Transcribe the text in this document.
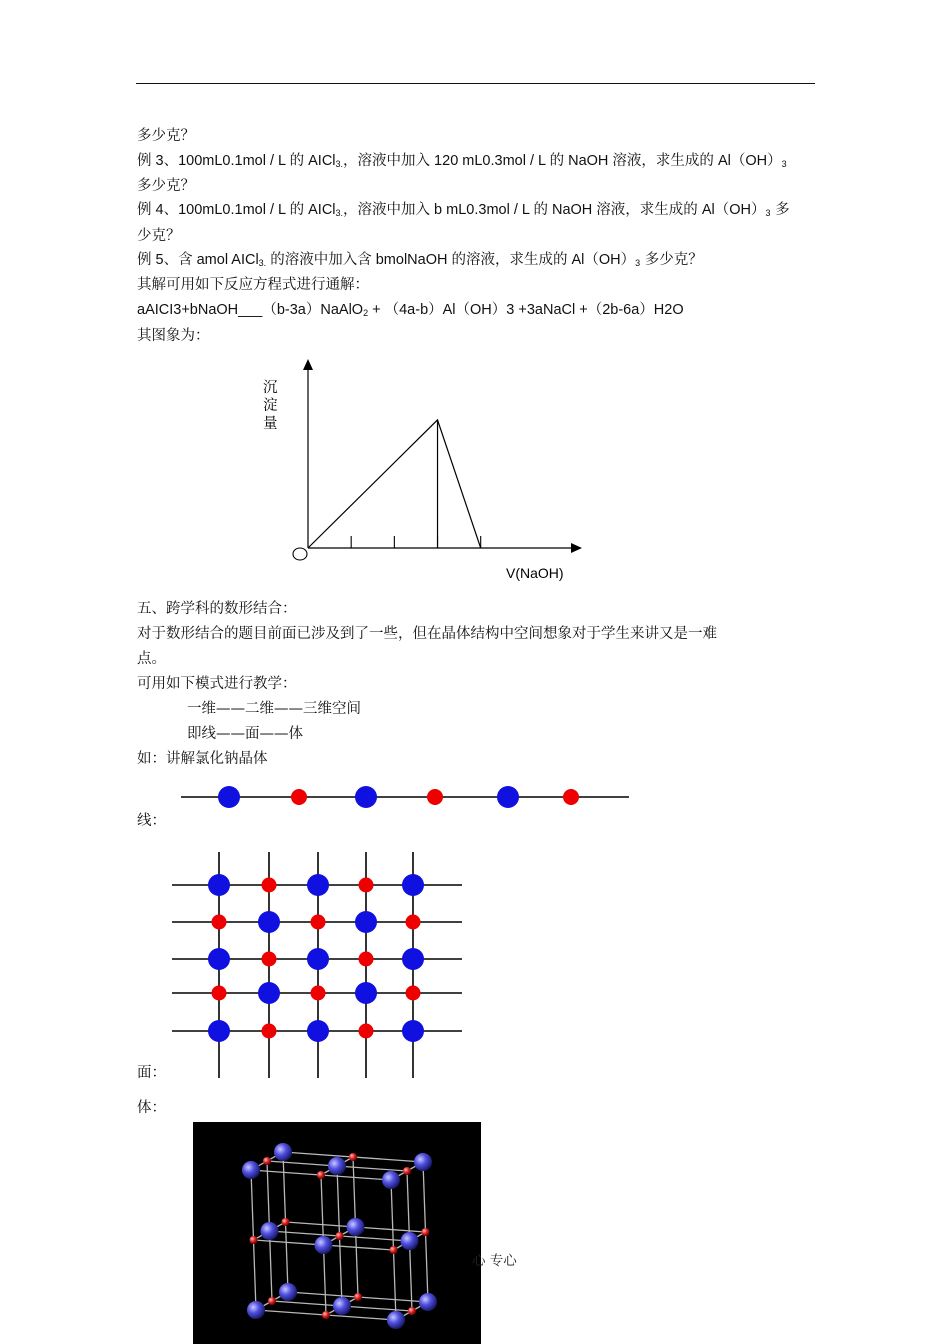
多少克？
例 3、100mL0.1mol / L 的 AICl$_{3.}$，溶液中加入 120 mL0.3mol / L 的 NaOH 溶液，求生成的 $Al(OH)_3$
多少克？
例 4、100mL0.1mol / L 的 AICl$_{3.}$，溶液中加入 b mL0.3mol / L 的 NaOH 溶液，求生成的 $Al(OH)_3$ 多
少克？
例 5、含 amol AICl$_{3.}$ 的溶液中加入含 bmolNaOH 的溶液，求生成的 $Al(OH)_3$ 多少克？
其解可用如下反应方程式进行通解：
aAICI3+bNaOH___（b-3a）NaAlO$_2$ + （4a-b）Al（OH）3 +3aNaCl +（2b-6a）H2O
其图象为：
沉
淀
量
V(NaOH)
五、跨学科的数形结合：
对于数形结合的题目前面已涉及到了一些，但在晶体结构中空间想象对于学生来讲又是一难
点。
可用如下模式进行教学：
一维——二维——三维空间
即线——面——体
如：讲解氯化钠晶体
线：
面：
体：
心 专心
